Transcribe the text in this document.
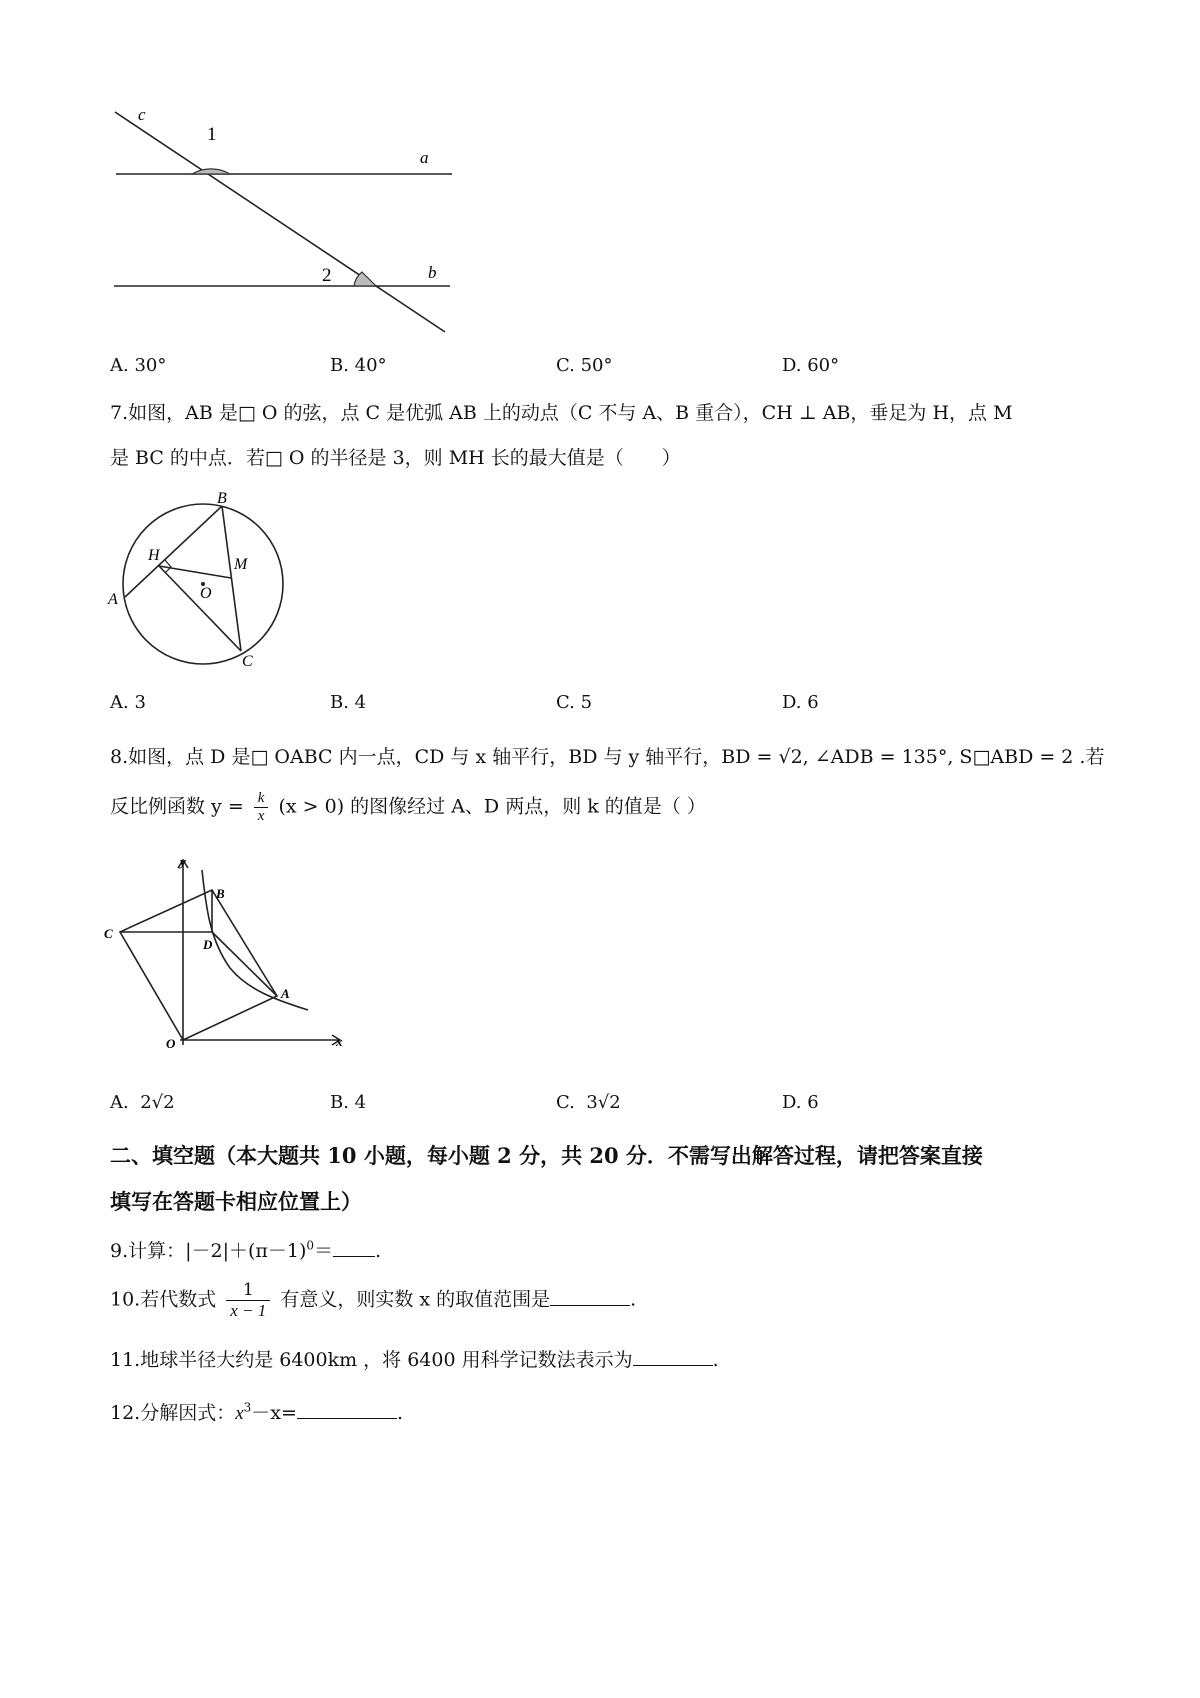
c
1
a
2	b
A. 30°	B. 40°	C. 50°	D. 60°
7.如图，AB 是□ O 的弦，点 C 是优弧 AB 上的动点（C 不与 A、B 重合），CH ⊥ AB，垂足为 H，点 M
是 BC 的中点．若□ O 的半径是 3，则 MH 长的最大值是（　　）
B
H
M
O
A
C
A. 3	B. 4	C. 5	D. 6
8.如图，点 D 是□ OABC 内一点，CD 与 x 轴平行，BD 与 y 轴平行，BD = √2, ∠ADB = 135°, S□ABD = 2 .若
反比例函数 $y = \frac{k}{x} (x > 0)$ 的图像经过 A、D 两点，则 k 的值是（ ）
y
B
C
D
A
O	x
A. 2√2	B. 4	C. 3√2	D. 6
二、填空题（本大题共 10 小题，每小题 2 分，共 20 分．不需写出解答过程，请把答案直接
填写在答题卡相应位置上）
9.计算：$|-2|+(\pi-1)^0=$ .
10.若代数式 $\frac{1}{x - 1}$ 有意义，则实数 x 的取值范围是	.
11.地球半径大约是 6400km ，将 6400 用科学记数法表示为	.
12.分解因式：$x^3-x=$	.
